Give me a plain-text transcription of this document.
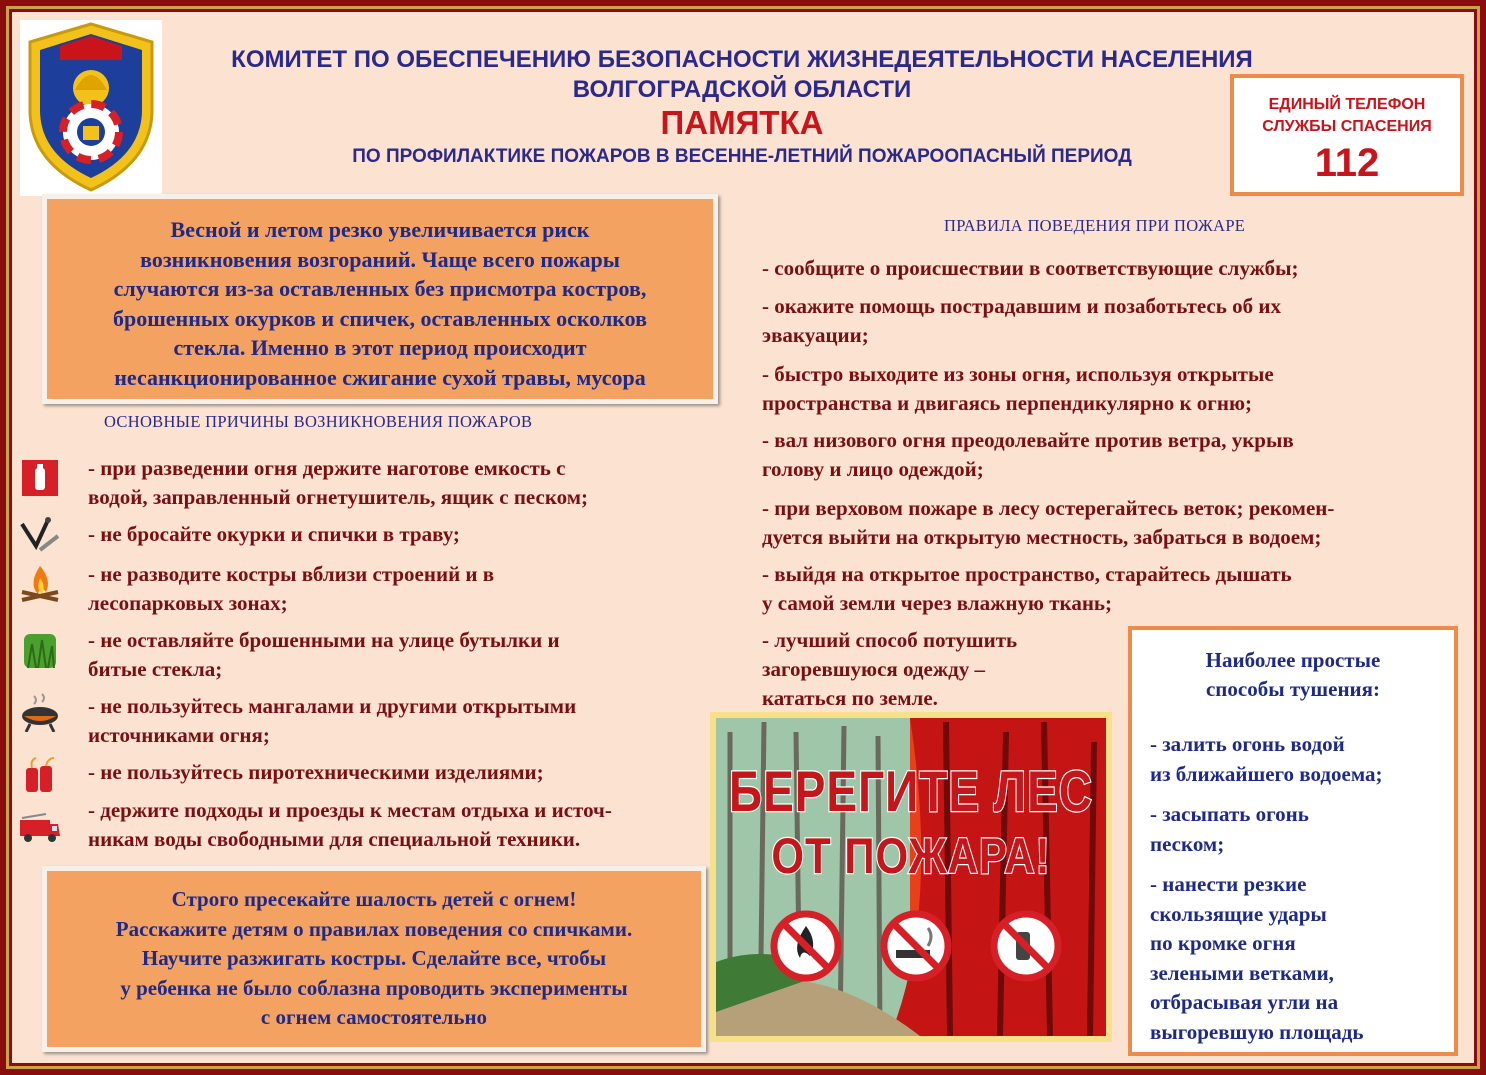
КОМИТЕТ ПО ОБЕСПЕЧЕНИЮ БЕЗОПАСНОСТИ ЖИЗНЕДЕЯТЕЛЬНОСТИ НАСЕЛЕНИЯ
ВОЛГОГРАДСКОЙ ОБЛАСТИ
ПАМЯТКА
ПО ПРОФИЛАКТИКЕ ПОЖАРОВ В ВЕСЕННЕ-ЛЕТНИЙ ПОЖАРООПАСНЫЙ ПЕРИОД
ЕДИНЫЙ ТЕЛЕФОН
СЛУЖБЫ СПАСЕНИЯ
112
Весной и летом резко увеличивается риск
возникновения возгораний. Чаще всего пожары
случаются из-за оставленных без присмотра костров,
брошенных окурков и спичек, оставленных осколков
стекла. Именно в этот период происходит
несанкционированное сжигание сухой травы, мусора
ОСНОВНЫЕ ПРИЧИНЫ ВОЗНИКНОВЕНИЯ ПОЖАРОВ
- при разведении огня держите наготове емкость с
водой, заправленный огнетушитель, ящик с песком;
- не бросайте окурки и спички в траву;
- не разводите костры вблизи строений и в
лесопарковых зонах;
- не оставляйте брошенными на улице бутылки и
битые стекла;
- не пользуйтесь мангалами и другими открытыми
источниками огня;
- не пользуйтесь пиротехническими изделиями;
- держите подходы и проезды к местам отдыха и источ-
никам воды свободными для специальной техники.
Строго пресекайте шалость детей с огнем!
Расскажите детям о правилах поведения со спичками.
Научите разжигать костры. Сделайте все, чтобы
у ребенка не было соблазна проводить эксперименты
с огнем самостоятельно
ПРАВИЛА ПОВЕДЕНИЯ ПРИ ПОЖАРЕ
- сообщите о происшествии в соответствующие службы;
- окажите помощь пострадавшим и позаботьтесь об их
эвакуации;
- быстро выходите из зоны огня, используя открытые
пространства и двигаясь перпендикулярно к огню;
- вал низового огня преодолевайте против ветра, укрыв
голову и лицо одеждой;
- при верховом пожаре в лесу остерегайтесь веток; рекомен-
дуется выйти на открытую местность, забраться в водоем;
- выйдя на открытое пространство, старайтесь дышать
у самой земли через влажную ткань;
- лучший способ потушить
загоревшуюся одежду –
кататься по земле.
БЕРЕГИТЕ ЛЕС
ОТ ПОЖАРА!
Наиболее простые
способы тушения:
- залить огонь водой
из ближайшего водоема;
- засыпать огонь
песком;
- нанести резкие
скользящие удары
по кромке огня
зелеными ветками,
отбрасывая угли на
выгоревшую площадь
